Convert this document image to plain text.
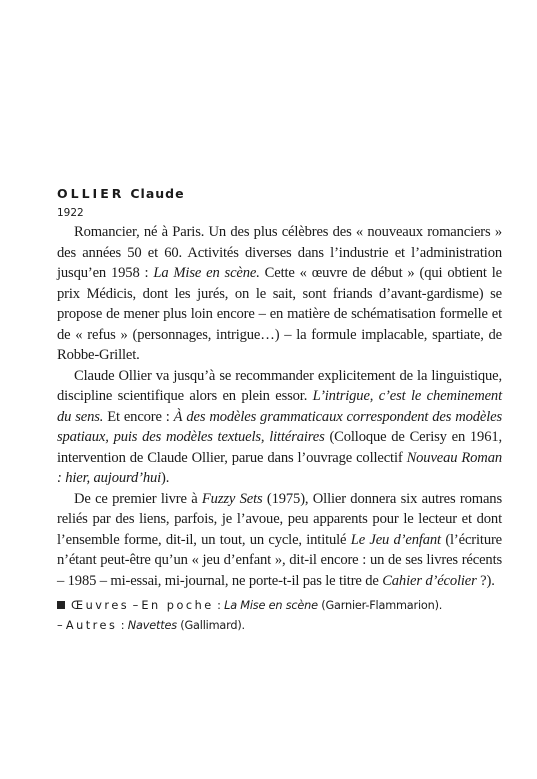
OLLIER Claude
1922

Romancier, né à Paris. Un des plus célèbres des « nouveaux romanciers » des années 50 et 60. Activités diverses dans l’industrie et l’administration jusqu’en 1958 : La Mise en scène. Cette « œuvre de début » (qui obtient le prix Médicis, dont les jurés, on le sait, sont friands d’avant-gardisme) se propose de mener plus loin encore – en matière de schématisation formelle et de « refus » (personnages, intrigue…) – la formule implacable, spartiate, de Robbe-Grillet.

Claude Ollier va jusqu’à se recommander explicitement de la linguistique, discipline scientifique alors en plein essor. L’intrigue, c’est le cheminement du sens. Et encore : À des modèles grammaticaux correspondent des modèles spatiaux, puis des modèles textuels, littéraires (Colloque de Cerisy en 1961, intervention de Claude Ollier, parue dans l’ouvrage collectif Nouveau Roman : hier, aujourd’hui).

De ce premier livre à Fuzzy Sets (1975), Ollier donnera six autres romans reliés par des liens, parfois, je l’avoue, peu apparents pour le lecteur et dont l’ensemble forme, dit-il, un tout, un cycle, intitulé Le Jeu d’enfant (l’écriture n’étant peut-être qu’un « jeu d’enfant », dit-il encore : un de ses livres récents – 1985 – mi-essai, mi-journal, ne porte-t-il pas le titre de Cahier d’écolier ?).

Œuvres – En poche : La Mise en scène (Garnier-Flammarion).
– Autres : Navettes (Gallimard).
